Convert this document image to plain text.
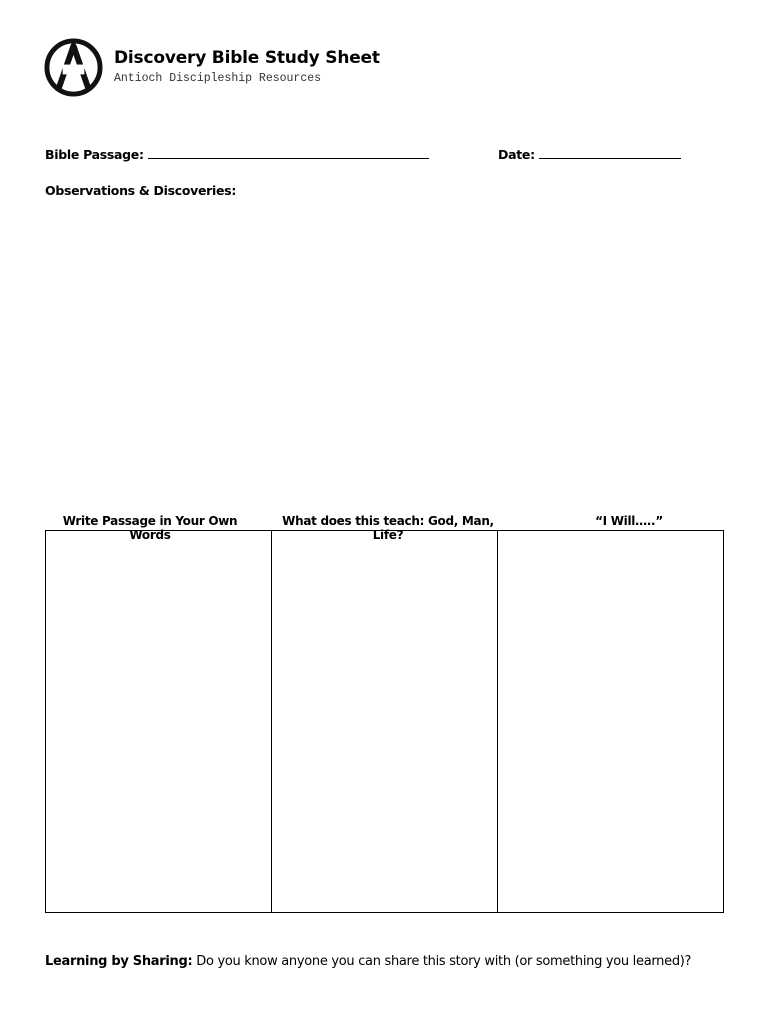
Discovery Bible Study Sheet
Antioch Discipleship Resources
Bible Passage:	Date:
Observations & Discoveries:
Write Passage in Your Own Words
What does this teach: God, Man, Life?
“I Will…..”
Learning by Sharing: Do you know anyone you can share this story with (or something you learned)?
